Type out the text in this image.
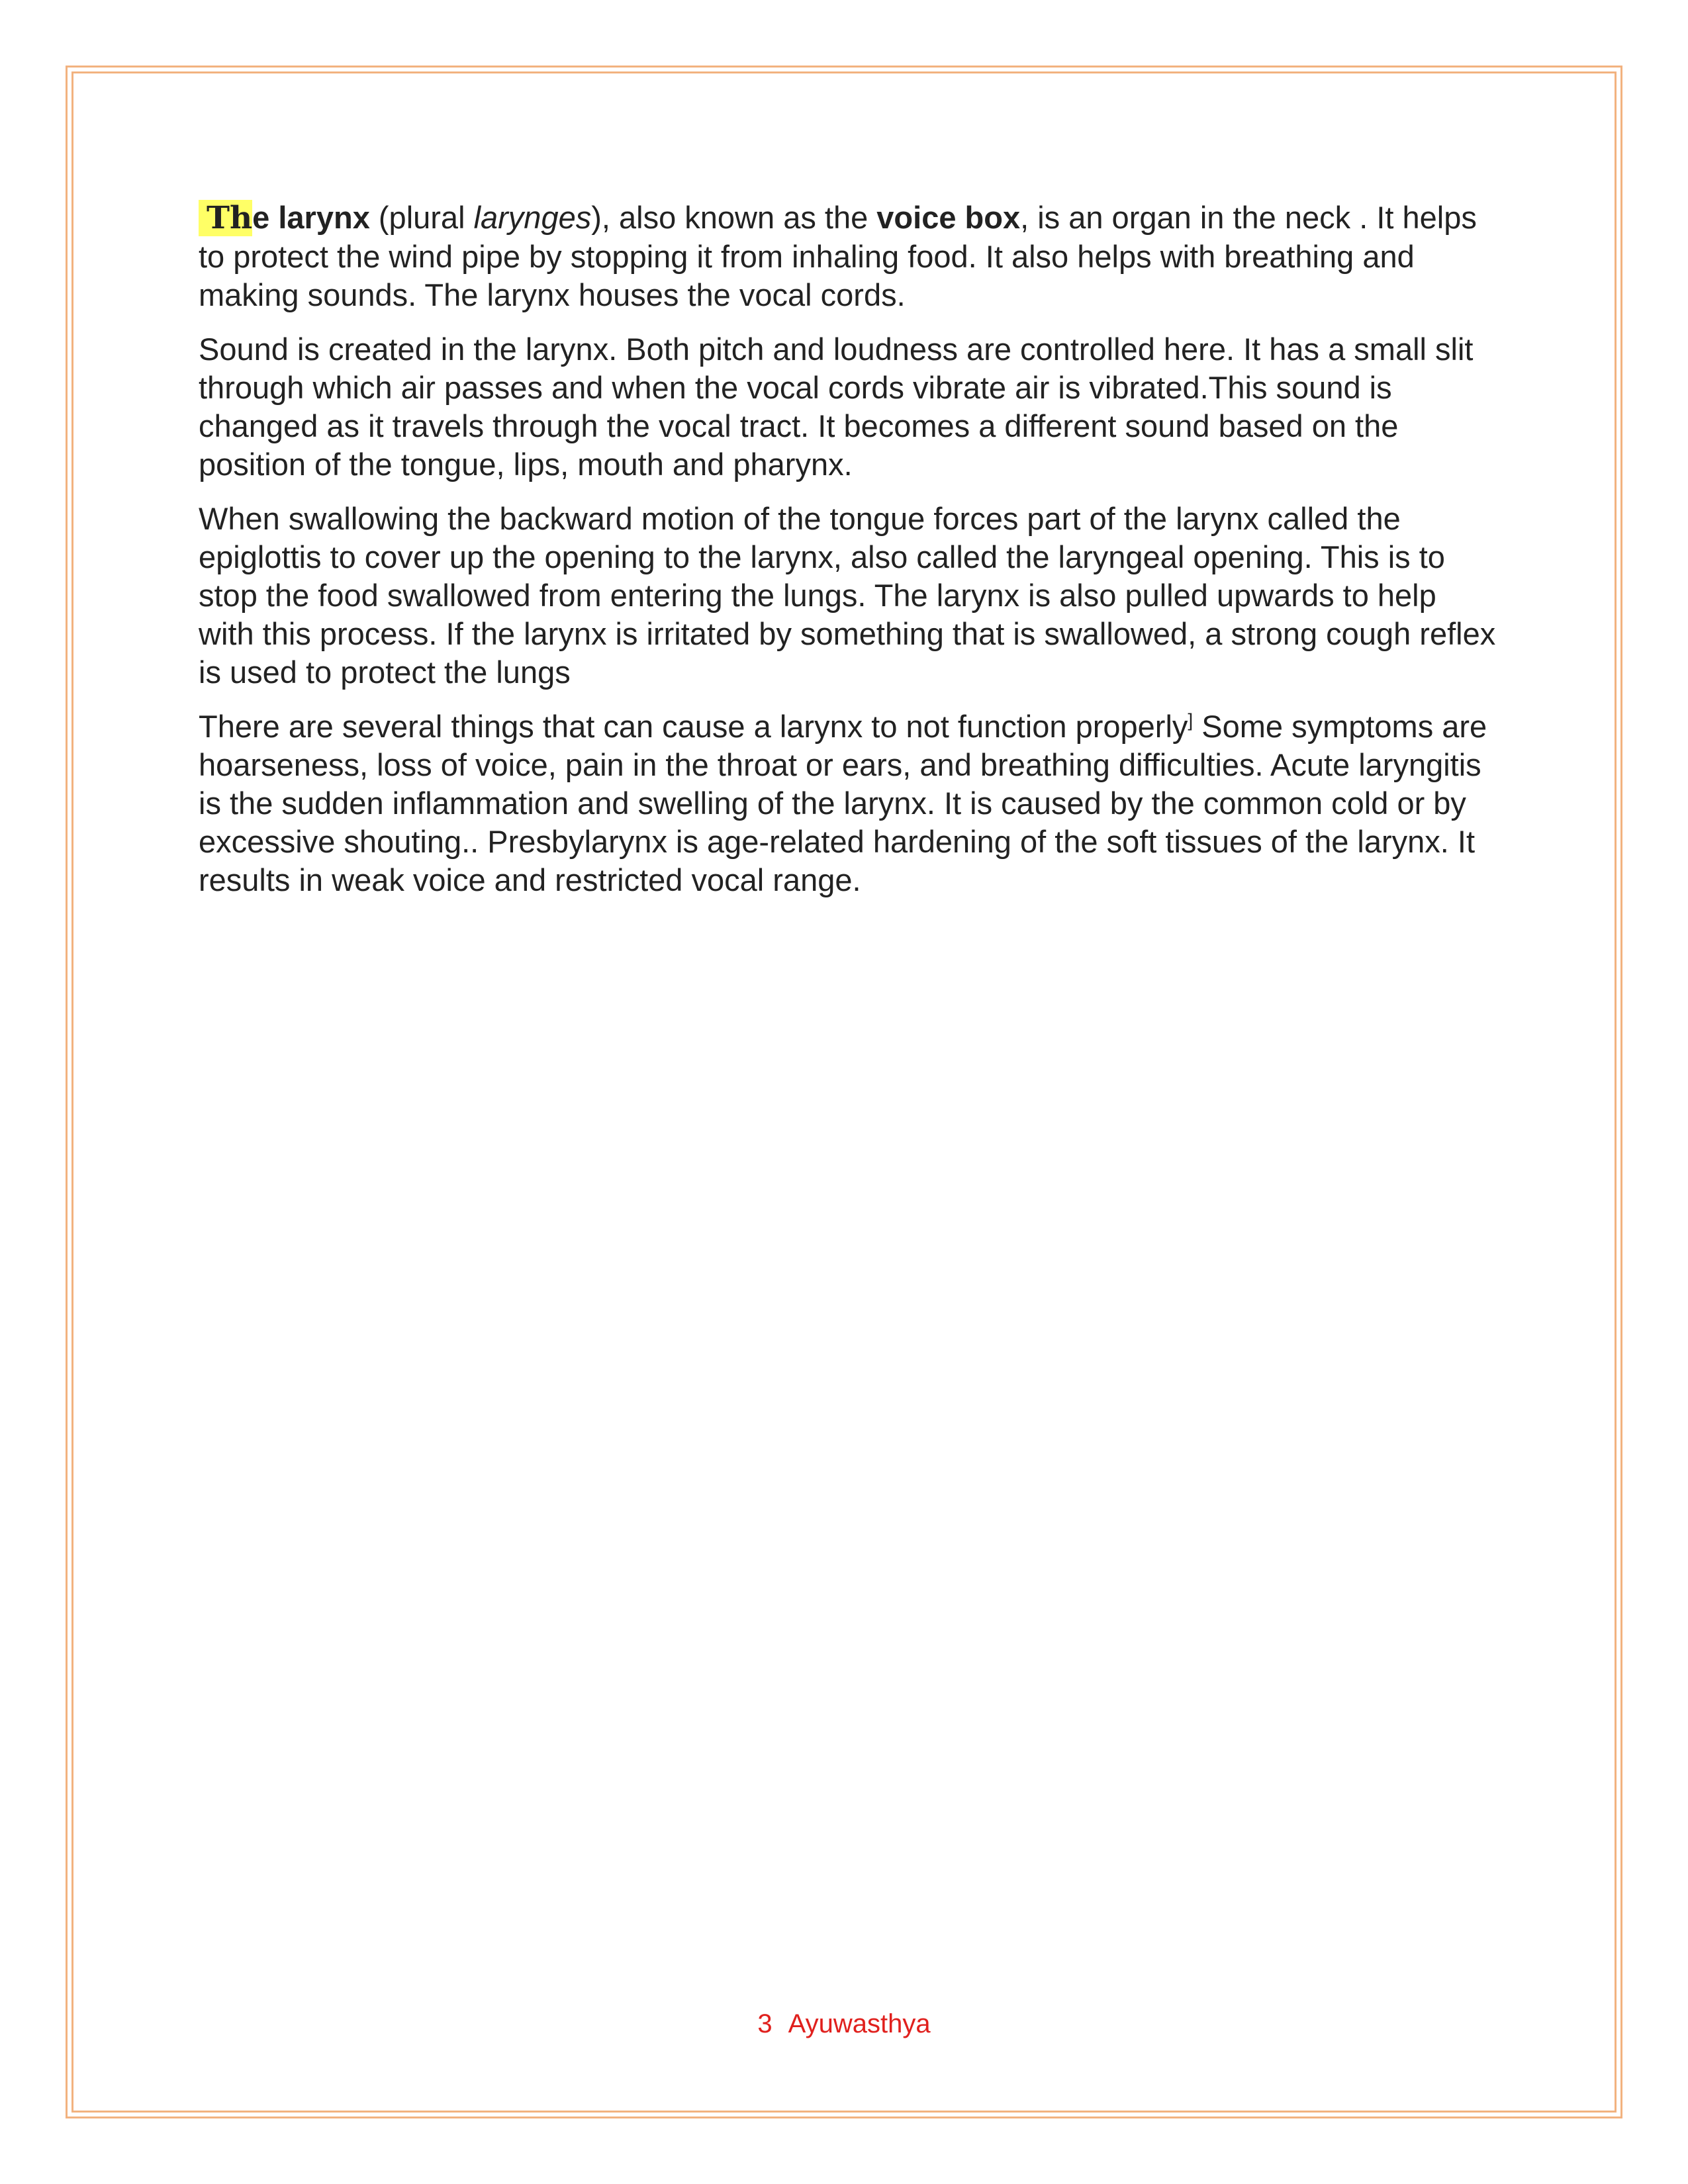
The larynx (plural larynges), also known as the voice box, is an organ in the neck . It helps to protect the wind pipe by stopping it from inhaling food. It also helps with breathing and making sounds. The larynx houses the vocal cords.

Sound is created in the larynx. Both pitch and loudness are controlled here. It has a small slit through which air passes and when the vocal cords vibrate air is vibrated.This sound is changed as it travels through the vocal tract. It becomes a different sound based on the position of the tongue, lips, mouth and pharynx.

When swallowing the backward motion of the tongue forces part of the larynx called the epiglottis to cover up the opening to the larynx, also called the laryngeal opening. This is to stop the food swallowed from entering the lungs. The larynx is also pulled upwards to help with this process. If the larynx is irritated by something that is swallowed, a strong cough reflex is used to protect the lungs

There are several things that can cause a larynx to not function properly] Some symptoms are hoarseness, loss of voice, pain in the throat or ears, and breathing difficulties. Acute laryngitis is the sudden inflammation and swelling of the larynx. It is caused by the common cold or by excessive shouting.. Presbylarynx is age-related hardening of the soft tissues of the larynx. It results in weak voice and restricted vocal range.

3 Ayuwasthya
